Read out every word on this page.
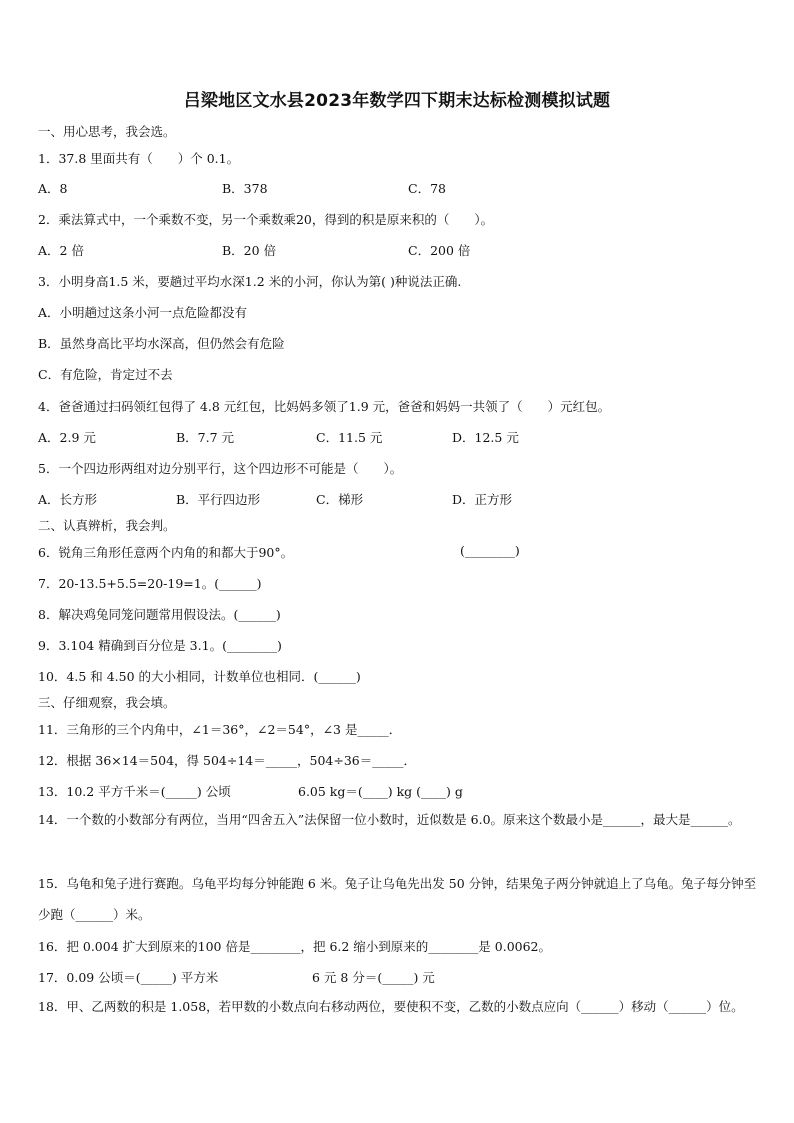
吕梁地区文水县2023年数学四下期末达标检测模拟试题
一、用心思考，我会选。
1．37.8 里面共有（　　）个 0.1。
A．8	B．378	C．78
2．乘法算式中，一个乘数不变，另一个乘数乘20，得到的积是原来积的（　　）。
A．2 倍	B．20 倍	C．200 倍
3．小明身高1.5 米，要趟过平均水深1.2 米的小河，你认为第( )种说法正确.
A．小明趟过这条小河一点危险都没有
B．虽然身高比平均水深高，但仍然会有危险
C．有危险，肯定过不去
4．爸爸通过扫码领红包得了 4.8 元红包，比妈妈多领了1.9 元，爸爸和妈妈一共领了（　　）元红包。
A．2.9 元	B．7.7 元	C．11.5 元	D．12.5 元
5．一个四边形两组对边分别平行，这个四边形不可能是（　　）。
A．长方形	B．平行四边形	C．梯形	D．正方形
二、认真辨析，我会判。
6．锐角三角形任意两个内角的和都大于90°。	(________)
7．20-13.5+5.5=20-19=1。(______)
8．解决鸡兔同笼问题常用假设法。(______)
9．3.104 精确到百分位是 3.1。(________)
10．4.5 和 4.50 的大小相同，计数单位也相同．(______)
三、仔细观察，我会填。
11．三角形的三个内角中，∠1＝36°，∠2＝54°，∠3 是_____．
12．根据 36×14＝504，得 504÷14＝_____，504÷36＝_____．
13．10.2 平方千米＝(_____) 公顷	6.05 kg＝(____) kg (____) g
14．一个数的小数部分有两位，当用“四舍五入”法保留一位小数时，近似数是 6.0。原来这个数最小是______，最大是______。
15．乌龟和兔子进行赛跑。乌龟平均每分钟能跑 6 米。兔子让乌龟先出发 50 分钟，结果兔子两分钟就追上了乌龟。兔子每分钟至少跑（______）米。
16．把 0.004 扩大到原来的100 倍是________，把 6.2 缩小到原来的________是 0.0062。
17．0.09 公顷＝(_____) 平方米	6 元 8 分＝(_____) 元
18．甲、乙两数的积是 1.058，若甲数的小数点向右移动两位，要使积不变，乙数的小数点应向（______）移动（______）位。
